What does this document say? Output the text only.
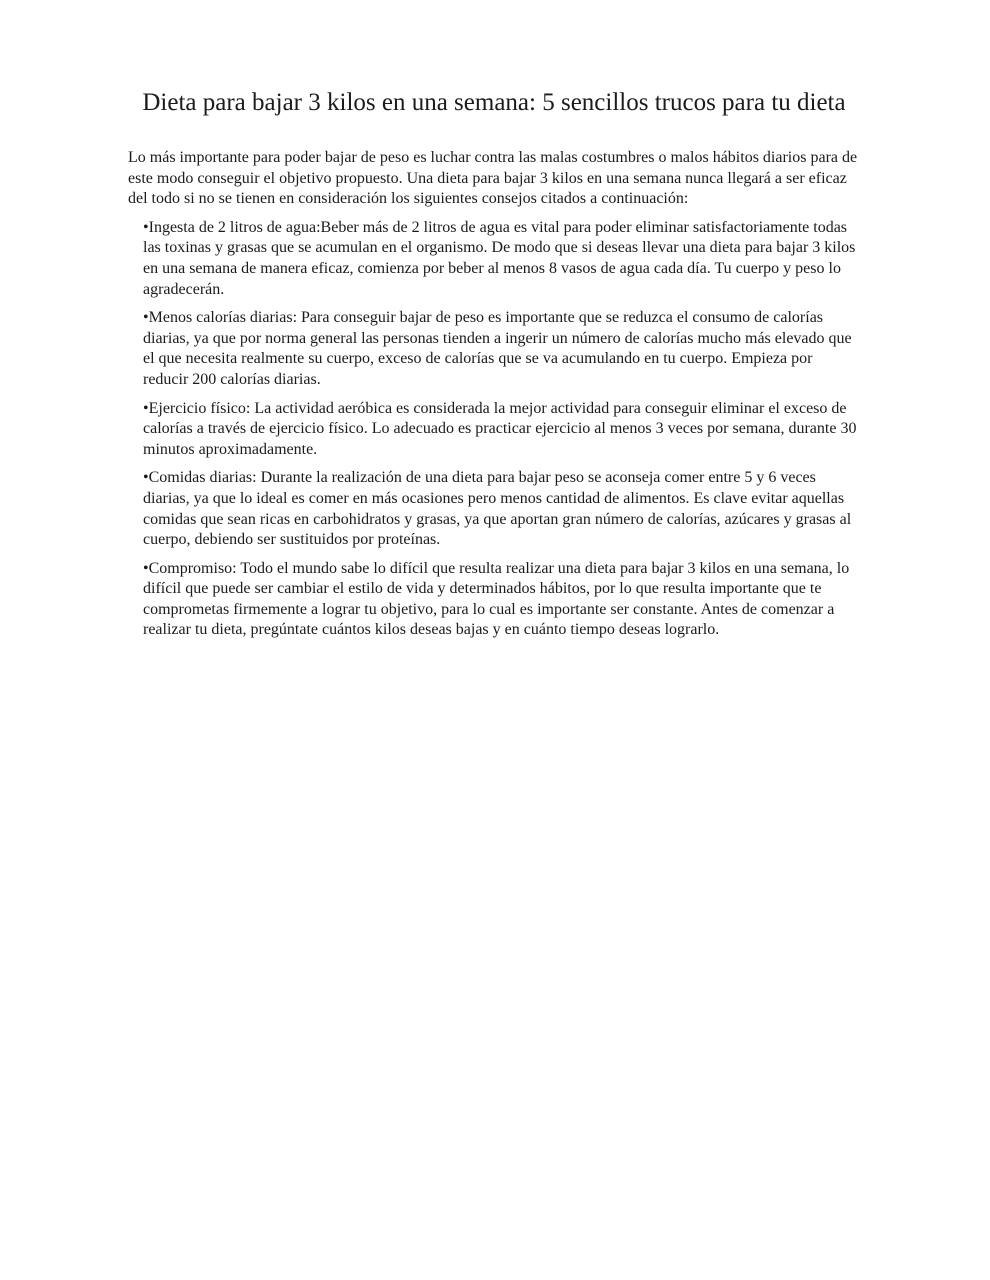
Dieta para bajar 3 kilos en una semana: 5 sencillos trucos para tu dieta

Lo más importante para poder bajar de peso es luchar contra las malas costumbres o malos hábitos diarios para de este modo conseguir el objetivo propuesto. Una dieta para bajar 3 kilos en una semana nunca llegará a ser eficaz del todo si no se tienen en consideración los siguientes consejos citados a continuación:

•Ingesta de 2 litros de agua:Beber más de 2 litros de agua es vital para poder eliminar satisfactoriamente todas las toxinas y grasas que se acumulan en el organismo. De modo que si deseas llevar una dieta para bajar 3 kilos en una semana de manera eficaz, comienza por beber al menos 8 vasos de agua cada día. Tu cuerpo y peso lo agradecerán.

•Menos calorías diarias: Para conseguir bajar de peso es importante que se reduzca el consumo de calorías diarias, ya que por norma general las personas tienden a ingerir un número de calorías mucho más elevado que el que necesita realmente su cuerpo, exceso de calorías que se va acumulando en tu cuerpo. Empieza por reducir 200 calorías diarias.

•Ejercicio físico: La actividad aeróbica es considerada la mejor actividad para conseguir eliminar el exceso de calorías a través de ejercicio físico. Lo adecuado es practicar ejercicio al menos 3 veces por semana, durante 30 minutos aproximadamente.

•Comidas diarias: Durante la realización de una dieta para bajar peso se aconseja comer entre 5 y 6 veces diarias, ya que lo ideal es comer en más ocasiones pero menos cantidad de alimentos. Es clave evitar aquellas comidas que sean ricas en carbohidratos y grasas, ya que aportan gran número de calorías, azúcares y grasas al cuerpo, debiendo ser sustituidos por proteínas.

•Compromiso: Todo el mundo sabe lo difícil que resulta realizar una dieta para bajar 3 kilos en una semana, lo difícil que puede ser cambiar el estilo de vida y determinados hábitos, por lo que resulta importante que te comprometas firmemente a lograr tu objetivo, para lo cual es importante ser constante. Antes de comenzar a realizar tu dieta, pregúntate cuántos kilos deseas bajas y en cuánto tiempo deseas lograrlo.
